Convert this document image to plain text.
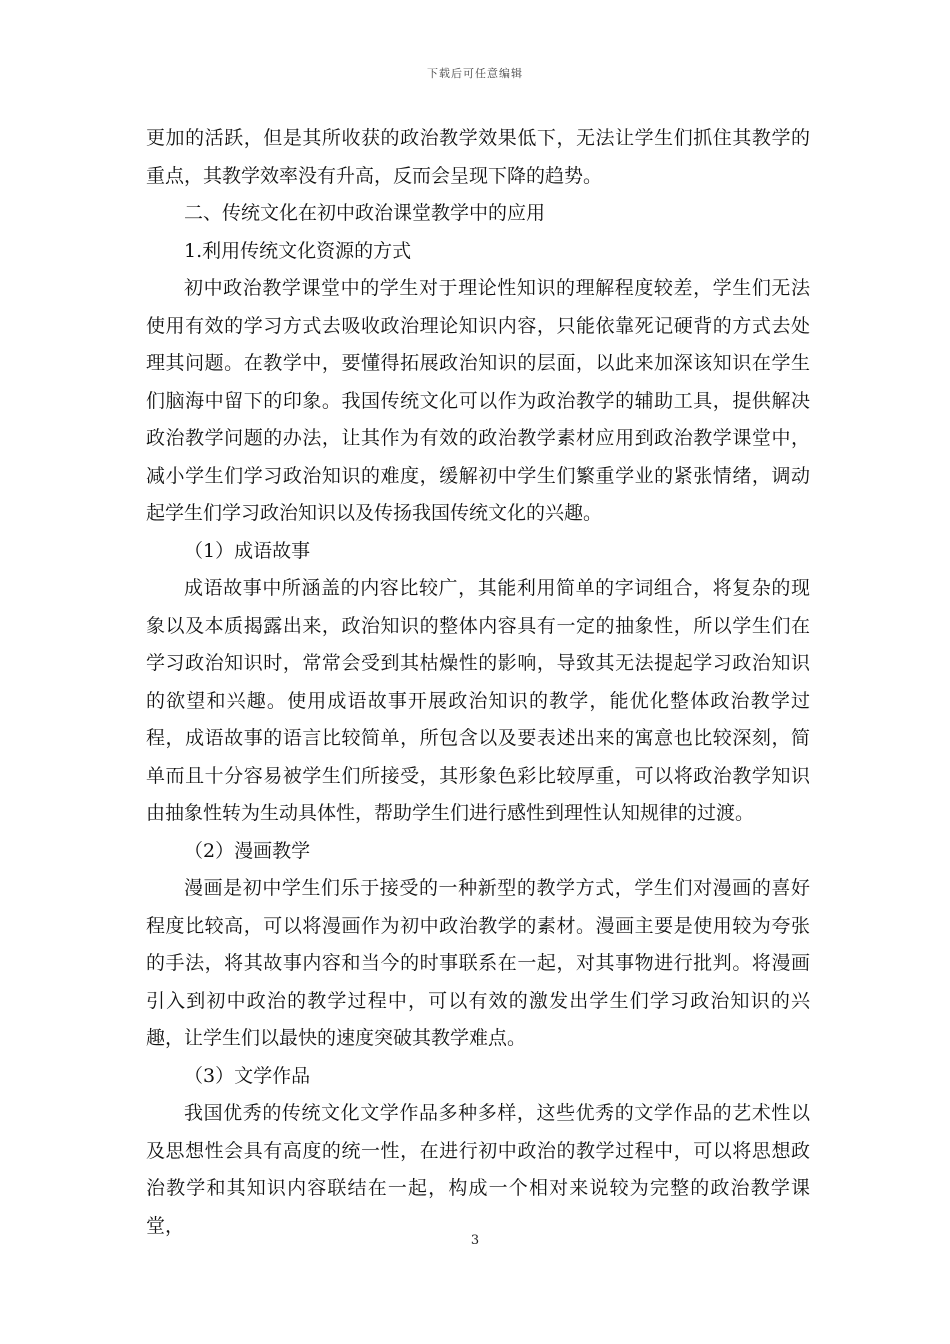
下载后可任意编辑

更加的活跃，但是其所收获的政治教学效果低下，无法让学生们抓住其教学的重点，其教学效率没有升高，反而会呈现下降的趋势。

二、传统文化在初中政治课堂教学中的应用

1.利用传统文化资源的方式

初中政治教学课堂中的学生对于理论性知识的理解程度较差，学生们无法使用有效的学习方式去吸收政治理论知识内容，只能依靠死记硬背的方式去处理其问题。在教学中，要懂得拓展政治知识的层面，以此来加深该知识在学生们脑海中留下的印象。我国传统文化可以作为政治教学的辅助工具，提供解决政治教学问题的办法，让其作为有效的政治教学素材应用到政治教学课堂中，减小学生们学习政治知识的难度，缓解初中学生们繁重学业的紧张情绪，调动起学生们学习政治知识以及传扬我国传统文化的兴趣。

（1）成语故事

成语故事中所涵盖的内容比较广，其能利用简单的字词组合，将复杂的现象以及本质揭露出来，政治知识的整体内容具有一定的抽象性，所以学生们在学习政治知识时，常常会受到其枯燥性的影响，导致其无法提起学习政治知识的欲望和兴趣。使用成语故事开展政治知识的教学，能优化整体政治教学过程，成语故事的语言比较简单，所包含以及要表述出来的寓意也比较深刻，简单而且十分容易被学生们所接受，其形象色彩比较厚重，可以将政治教学知识由抽象性转为生动具体性，帮助学生们进行感性到理性认知规律的过渡。

（2）漫画教学

漫画是初中学生们乐于接受的一种新型的教学方式，学生们对漫画的喜好程度比较高，可以将漫画作为初中政治教学的素材。漫画主要是使用较为夸张的手法，将其故事内容和当今的时事联系在一起，对其事物进行批判。将漫画引入到初中政治的教学过程中，可以有效的激发出学生们学习政治知识的兴趣，让学生们以最快的速度突破其教学难点。

（3）文学作品

我国优秀的传统文化文学作品多种多样，这些优秀的文学作品的艺术性以及思想性会具有高度的统一性，在进行初中政治的教学过程中，可以将思想政治教学和其知识内容联结在一起，构成一个相对来说较为完整的政治教学课堂，

3
